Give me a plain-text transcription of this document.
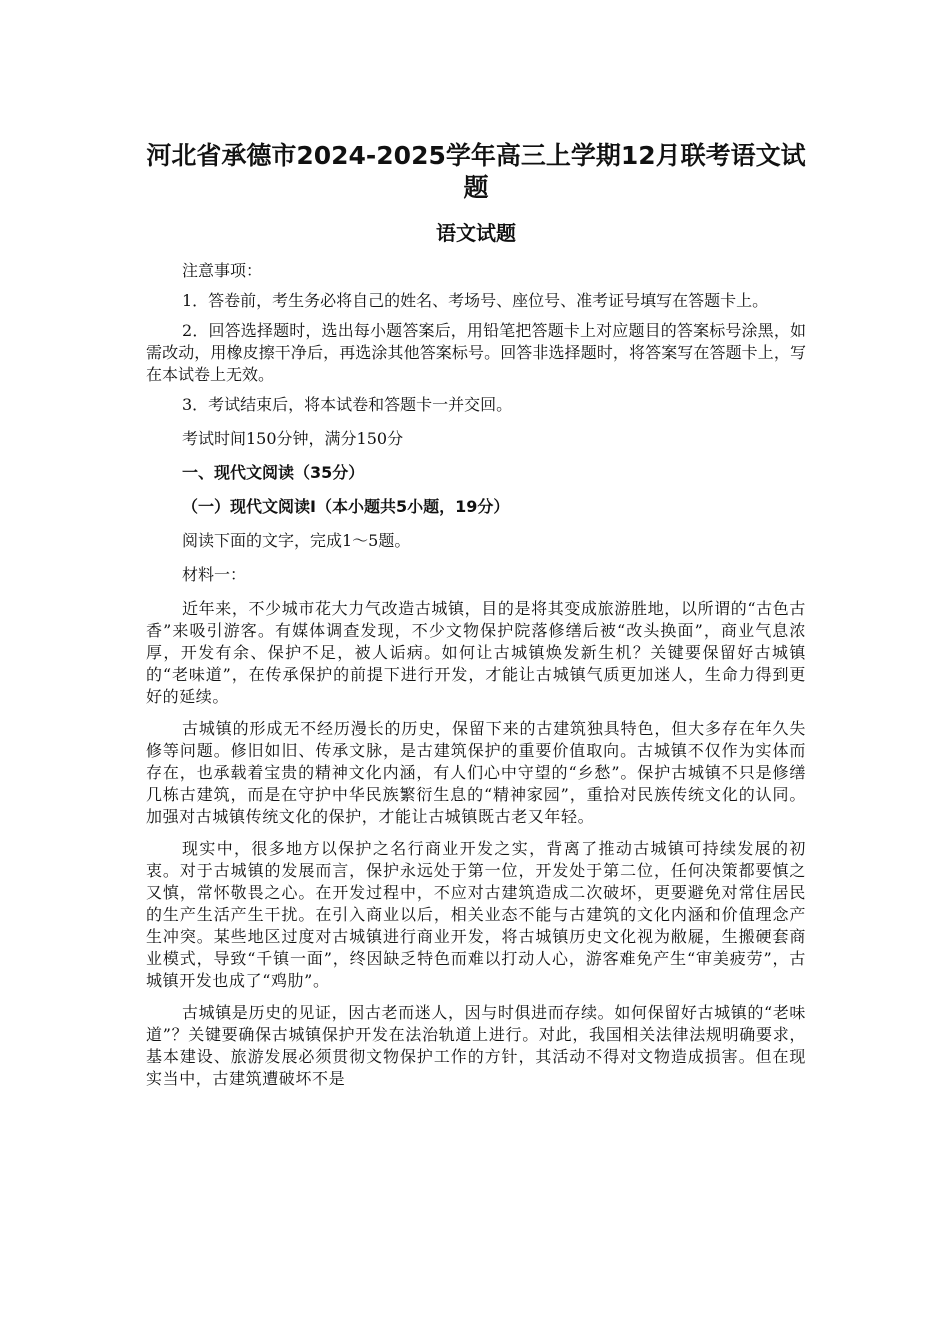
河北省承德市2024-2025学年高三上学期12月联考语文试题
语文试题

注意事项：

1．答卷前，考生务必将自己的姓名、考场号、座位号、准考证号填写在答题卡上。

2．回答选择题时，选出每小题答案后，用铅笔把答题卡上对应题目的答案标号涂黑，如需改动，用橡皮擦干净后，再选涂其他答案标号。回答非选择题时，将答案写在答题卡上，写在本试卷上无效。

3．考试结束后，将本试卷和答题卡一并交回。

考试时间150分钟，满分150分

一、现代文阅读（35分）

（一）现代文阅读Ⅰ（本小题共5小题，19分）

阅读下面的文字，完成1～5题。

材料一：

近年来，不少城市花大力气改造古城镇，目的是将其变成旅游胜地，以所谓的“古色古香”来吸引游客。有媒体调查发现，不少文物保护院落修缮后被“改头换面”，商业气息浓厚，开发有余、保护不足，被人诟病。如何让古城镇焕发新生机？关键要保留好古城镇的“老味道”，在传承保护的前提下进行开发，才能让古城镇气质更加迷人，生命力得到更好的延续。

古城镇的形成无不经历漫长的历史，保留下来的古建筑独具特色，但大多存在年久失修等问题。修旧如旧、传承文脉，是古建筑保护的重要价值取向。古城镇不仅作为实体而存在，也承载着宝贵的精神文化内涵，有人们心中守望的“乡愁”。保护古城镇不只是修缮几栋古建筑，而是在守护中华民族繁衍生息的“精神家园”，重拾对民族传统文化的认同。加强对古城镇传统文化的保护，才能让古城镇既古老又年轻。

现实中，很多地方以保护之名行商业开发之实，背离了推动古城镇可持续发展的初衷。对于古城镇的发展而言，保护永远处于第一位，开发处于第二位，任何决策都要慎之又慎，常怀敬畏之心。在开发过程中，不应对古建筑造成二次破坏，更要避免对常住居民的生产生活产生干扰。在引入商业以后，相关业态不能与古建筑的文化内涵和价值理念产生冲突。某些地区过度对古城镇进行商业开发，将古城镇历史文化视为敝屣，生搬硬套商业模式，导致“千镇一面”，终因缺乏特色而难以打动人心，游客难免产生“审美疲劳”，古城镇开发也成了“鸡肋”。

古城镇是历史的见证，因古老而迷人，因与时俱进而存续。如何保留好古城镇的“老味道”？关键要确保古城镇保护开发在法治轨道上进行。对此，我国相关法律法规明确要求，基本建设、旅游发展必须贯彻文物保护工作的方针，其活动不得对文物造成损害。但在现实当中，古建筑遭破坏不是
